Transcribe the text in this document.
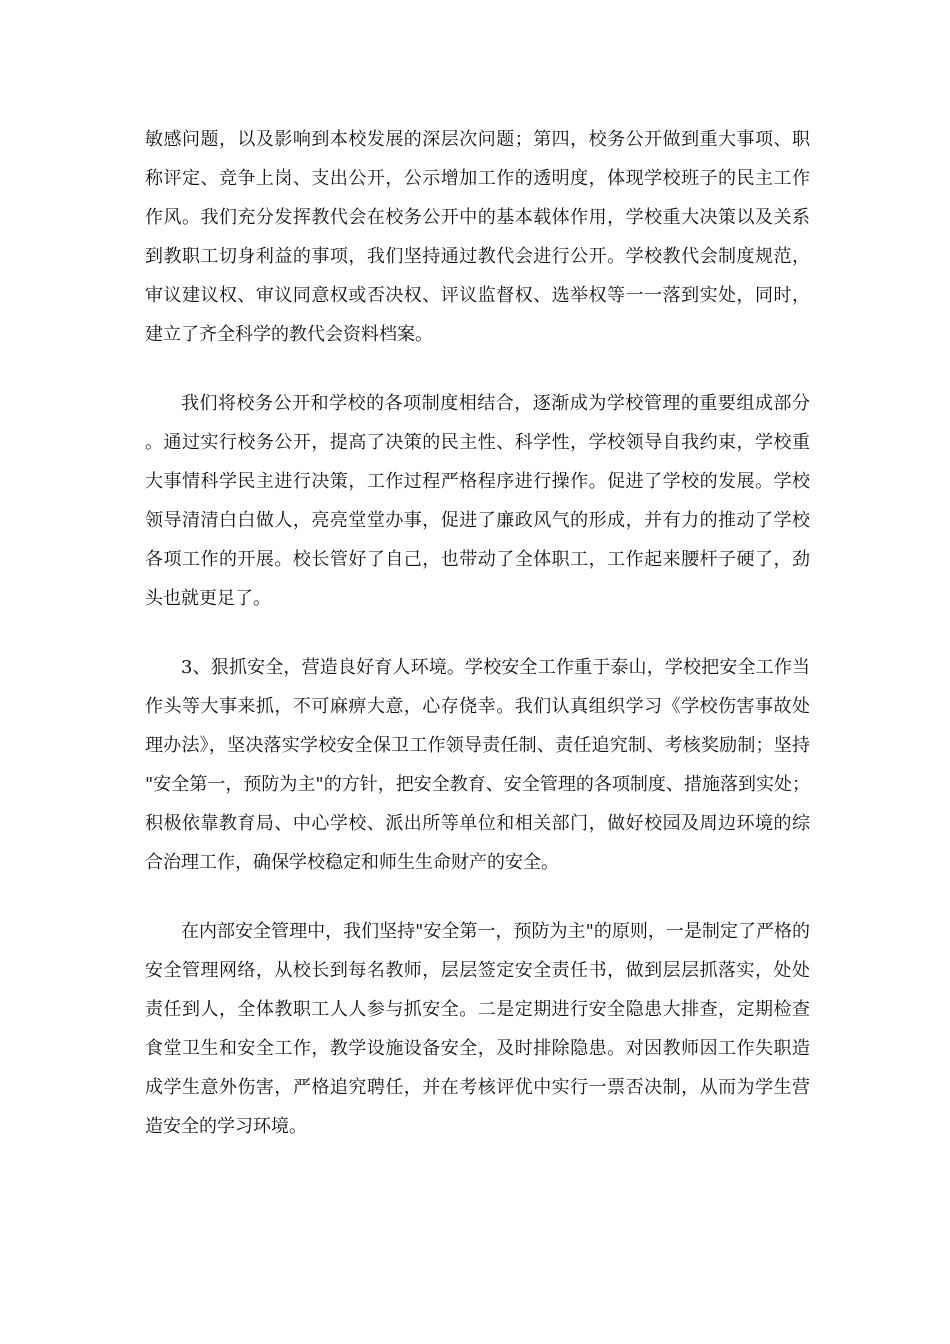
敏感问题，以及影响到本校发展的深层次问题；第四，校务公开做到重大事项、职称评定、竞争上岗、支出公开，公示增加工作的透明度，体现学校班子的民主工作作风。我们充分发挥教代会在校务公开中的基本载体作用，学校重大决策以及关系到教职工切身利益的事项，我们坚持通过教代会进行公开。学校教代会制度规范，审议建议权、审议同意权或否决权、评议监督权、选举权等一一落到实处，同时，建立了齐全科学的教代会资料档案。

我们将校务公开和学校的各项制度相结合，逐渐成为学校管理的重要组成部分。通过实行校务公开，提高了决策的民主性、科学性，学校领导自我约束，学校重大事情科学民主进行决策，工作过程严格程序进行操作。促进了学校的发展。学校领导清清白白做人，亮亮堂堂办事，促进了廉政风气的形成，并有力的推动了学校各项工作的开展。校长管好了自己，也带动了全体职工，工作起来腰杆子硬了，劲头也就更足了。

3、狠抓安全，营造良好育人环境。学校安全工作重于泰山，学校把安全工作当作头等大事来抓，不可麻痹大意，心存侥幸。我们认真组织学习《学校伤害事故处理办法》，坚决落实学校安全保卫工作领导责任制、责任追究制、考核奖励制；坚持"安全第一，预防为主"的方针，把安全教育、安全管理的各项制度、措施落到实处；积极依靠教育局、中心学校、派出所等单位和相关部门，做好校园及周边环境的综合治理工作，确保学校稳定和师生生命财产的安全。

在内部安全管理中，我们坚持"安全第一，预防为主"的原则，一是制定了严格的安全管理网络，从校长到每名教师，层层签定安全责任书，做到层层抓落实，处处责任到人，全体教职工人人参与抓安全。二是定期进行安全隐患大排查，定期检查食堂卫生和安全工作，教学设施设备安全，及时排除隐患。对因教师因工作失职造成学生意外伤害，严格追究聘任，并在考核评优中实行一票否决制，从而为学生营造安全的学习环境。
